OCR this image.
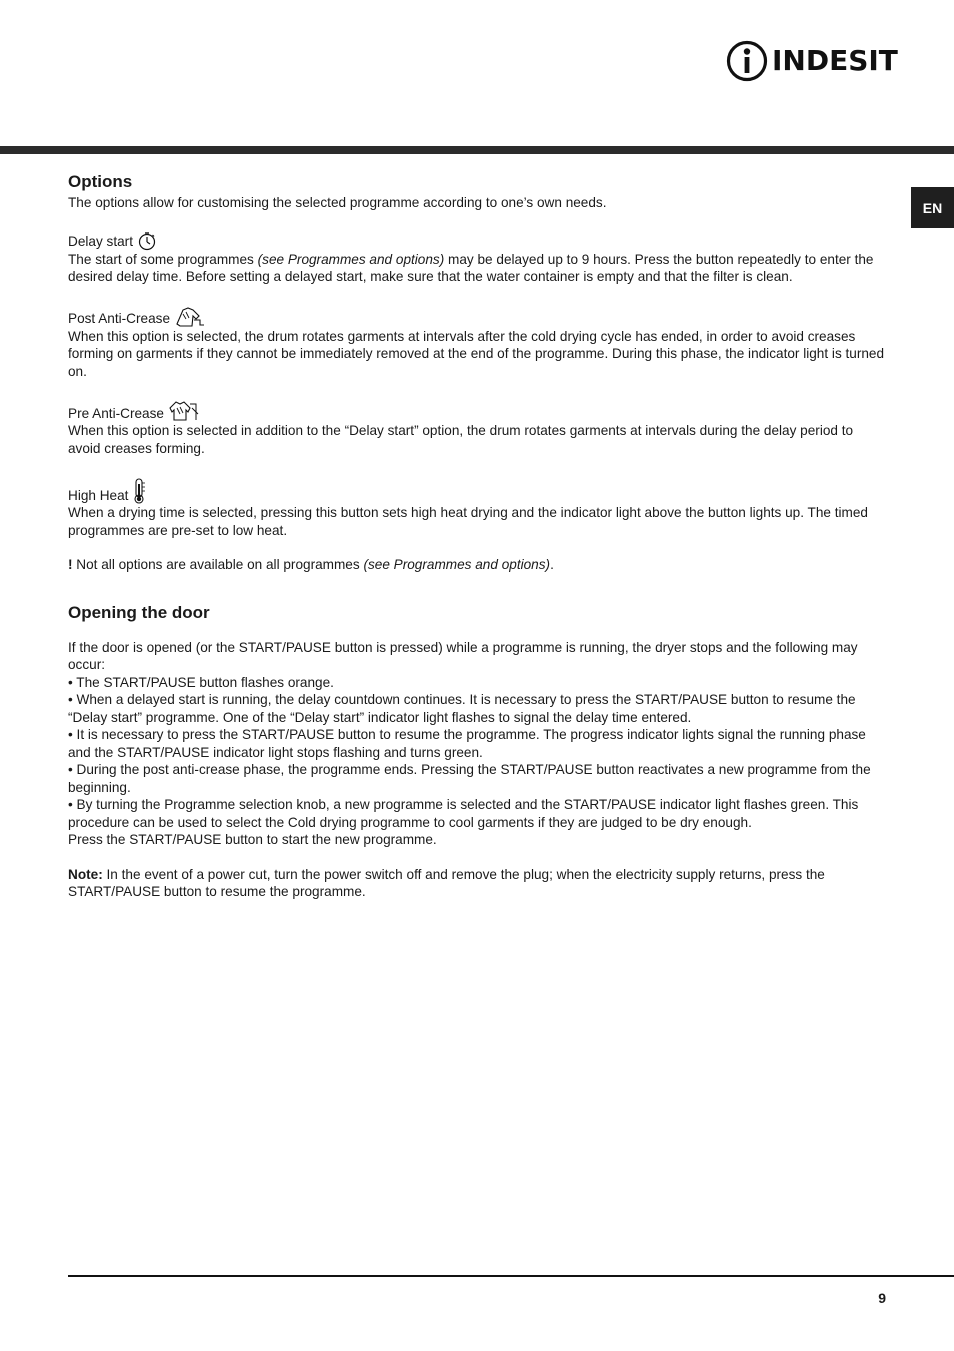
INDESIT
EN
Options

The options allow for customising the selected programme according to one’s own needs.

Delay start

The start of some programmes (see Programmes and options) may be delayed up to 9 hours. Press the button repeatedly to enter the desired delay time. Before setting a delayed start, make sure that the water container is empty and that the filter is clean.

Post Anti-Crease

When this option is selected, the drum rotates garments at intervals after the cold drying cycle has ended, in order to avoid creases forming on garments if they cannot be immediately removed at the end of the programme. During this phase, the indicator light is turned on.

Pre Anti-Crease

When this option is selected in addition to the “Delay start” option, the drum rotates garments at intervals during the delay period to avoid creases forming.

High Heat

When a drying time is selected, pressing this button sets high heat drying and the indicator light above the button lights up. The timed programmes are pre-set to low heat.

! Not all options are available on all programmes (see Programmes and options).

Opening the door

If the door is opened (or the START/PAUSE button is pressed) while a programme is running, the dryer stops and the following may occur:

• The START/PAUSE button flashes orange.

• When a delayed start is running, the delay countdown continues. It is necessary to press the START/PAUSE button to resume the “Delay start” programme. One of the “Delay start” indicator light flashes to signal the delay time entered.

• It is necessary to press the START/PAUSE button to resume the programme. The progress indicator lights signal the running phase and the START/PAUSE indicator light stops flashing and turns green.

• During the post anti-crease phase, the programme ends. Pressing the START/PAUSE button reactivates a new programme from the beginning.

• By turning the Programme selection knob, a new programme is selected and the START/PAUSE indicator light flashes green. This procedure can be used to select the Cold drying programme to cool garments if they are judged to be dry enough.

Press the START/PAUSE button to start the new programme.

Note: In the event of a power cut, turn the power switch off and remove the plug; when the electricity supply returns, press the START/PAUSE button to resume the programme.

9
